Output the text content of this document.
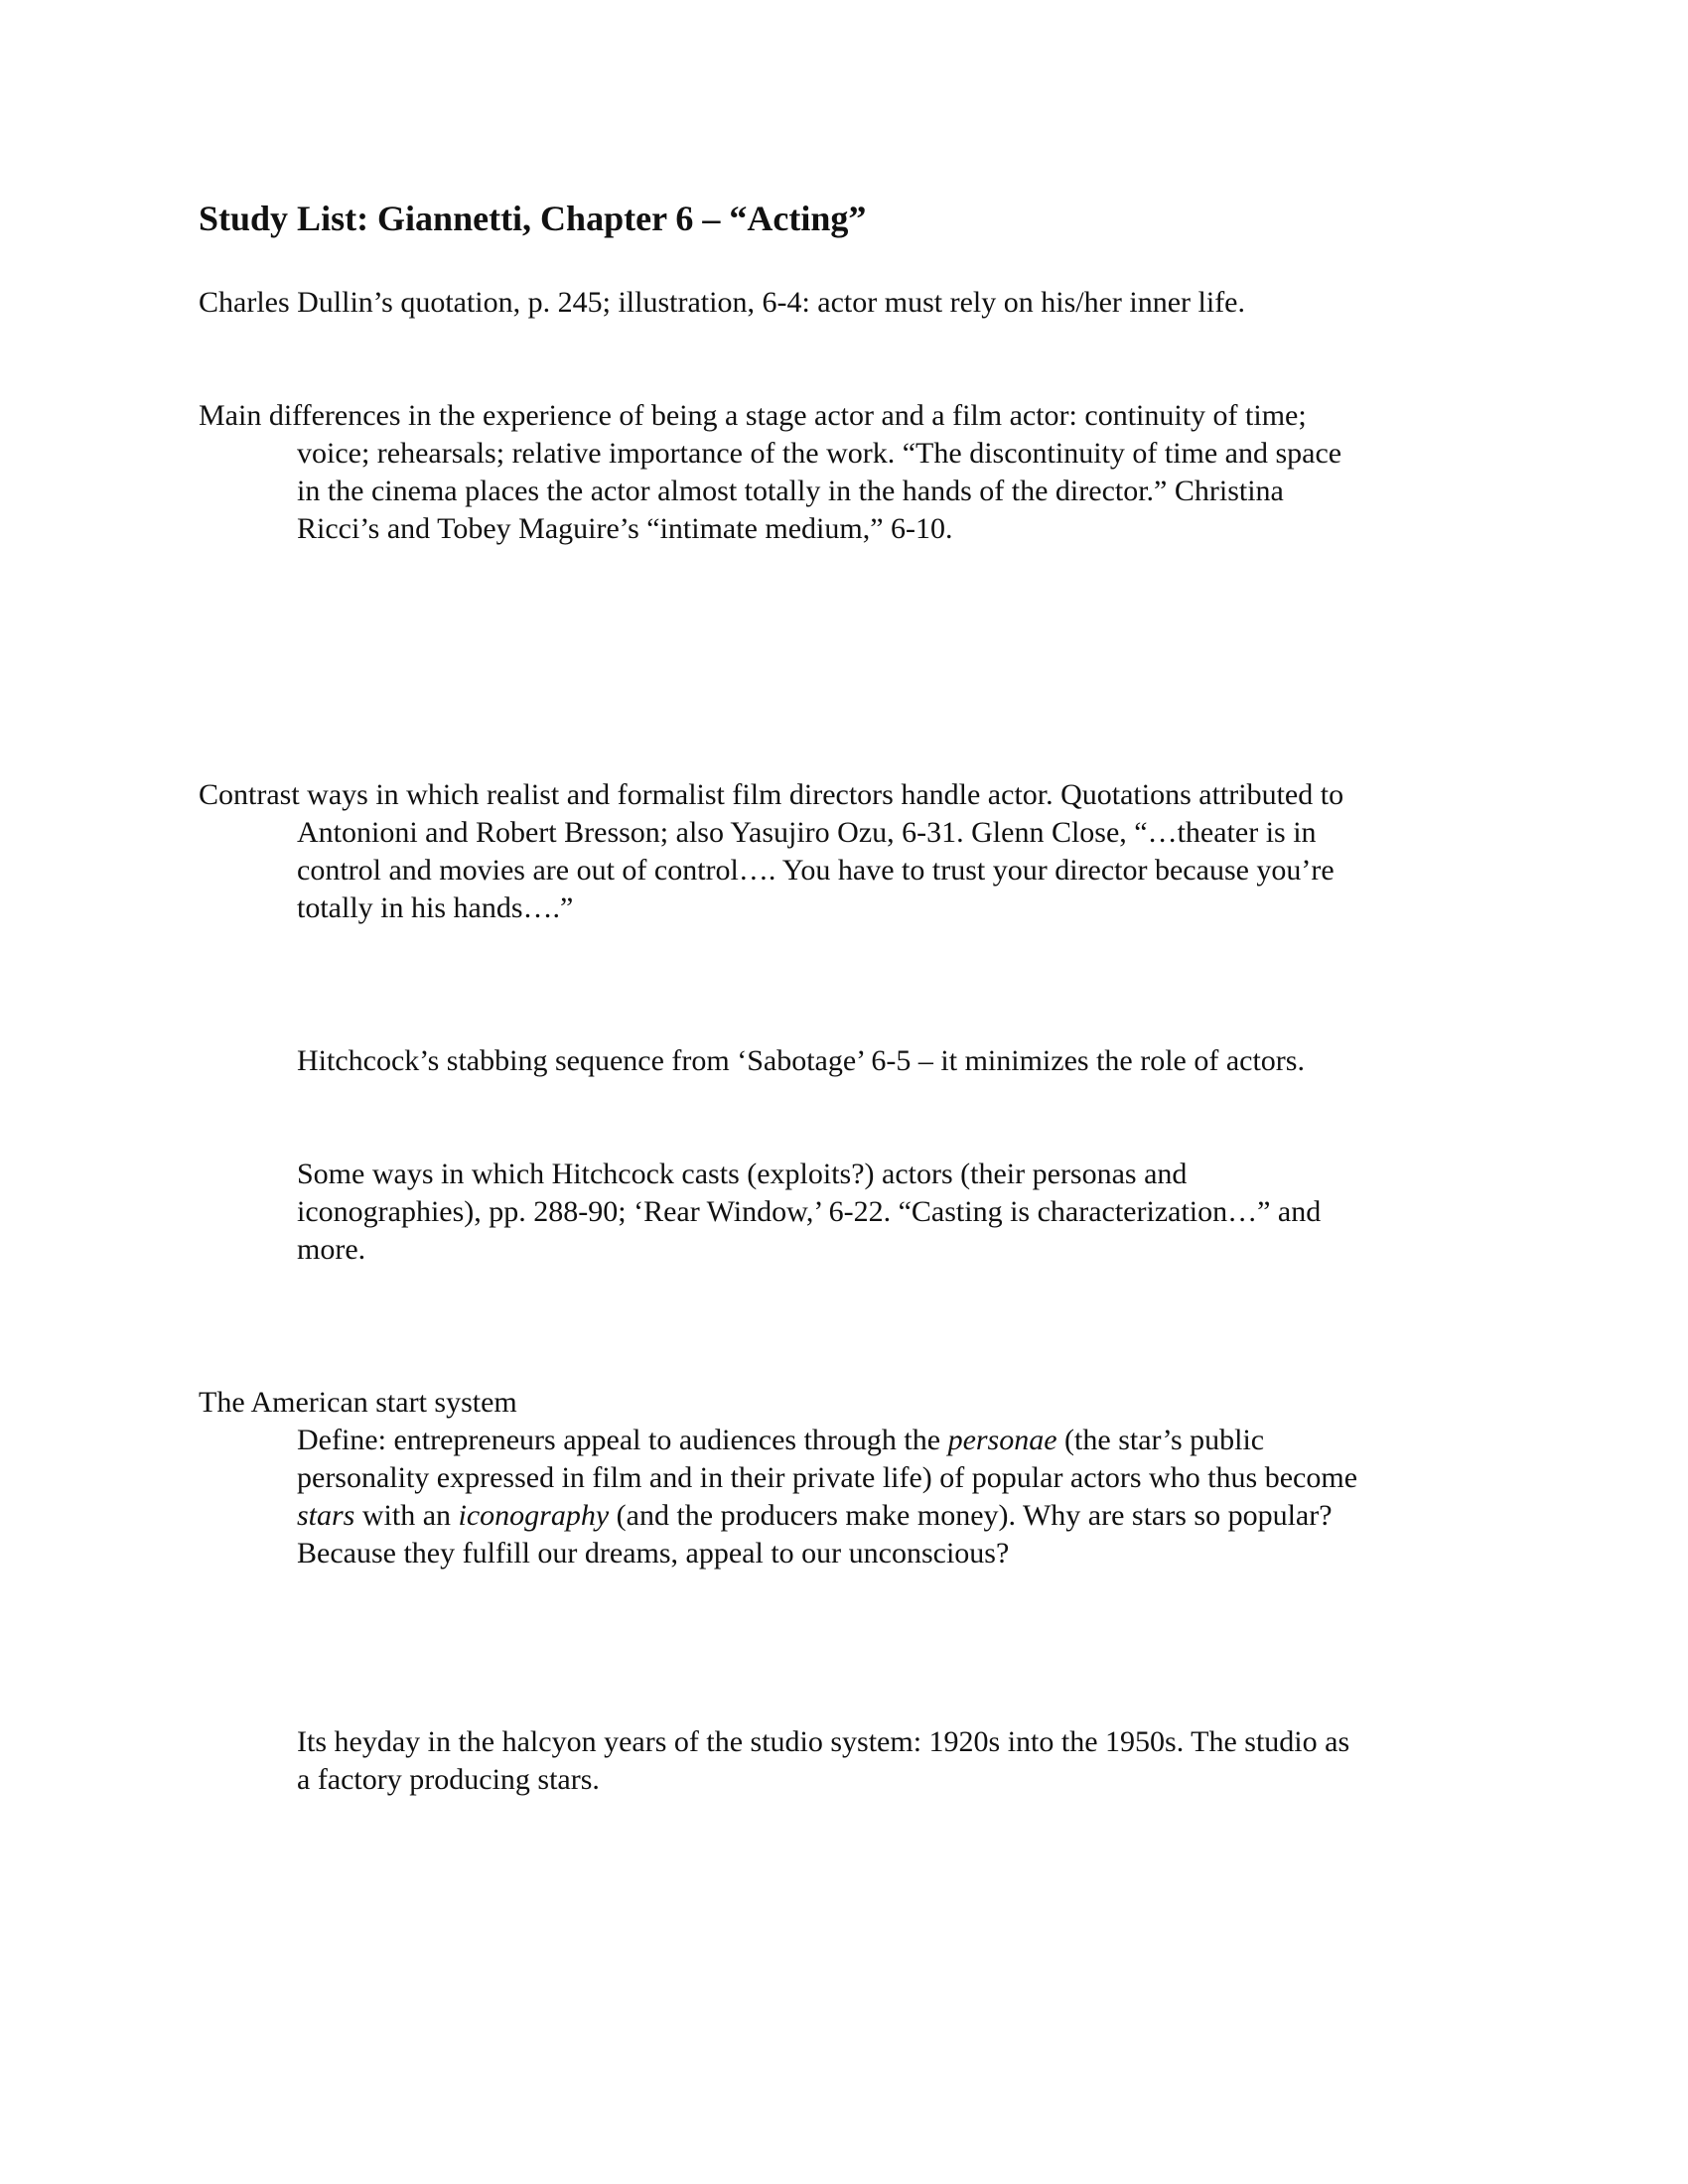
Study List: Giannetti, Chapter 6 – “Acting”
Charles Dullin’s quotation, p. 245; illustration, 6-4: actor must rely on his/her inner life.
Main differences in the experience of being a stage actor and a film actor: continuity of time;
voice; rehearsals; relative importance of the work. “The discontinuity of time and space
in the cinema places the actor almost totally in the hands of the director.” Christina
Ricci’s and Tobey Maguire’s “intimate medium,” 6-10.
Contrast ways in which realist and formalist film directors handle actor. Quotations attributed to
Antonioni and Robert Bresson; also Yasujiro Ozu, 6-31. Glenn Close, “…theater is in
control and movies are out of control…. You have to trust your director because you’re
totally in his hands….”
Hitchcock’s stabbing sequence from ‘Sabotage’ 6-5 – it minimizes the role of actors.
Some ways in which Hitchcock casts (exploits?) actors (their personas and
iconographies), pp. 288-90; ‘Rear Window,’ 6-22. “Casting is characterization…” and
more.
The American start system
Define: entrepreneurs appeal to audiences through the personae (the star’s public
personality expressed in film and in their private life) of popular actors who thus become
stars with an iconography (and the producers make money). Why are stars so popular?
Because they fulfill our dreams, appeal to our unconscious?
Its heyday in the halcyon years of the studio system: 1920s into the 1950s. The studio as
a factory producing stars.
